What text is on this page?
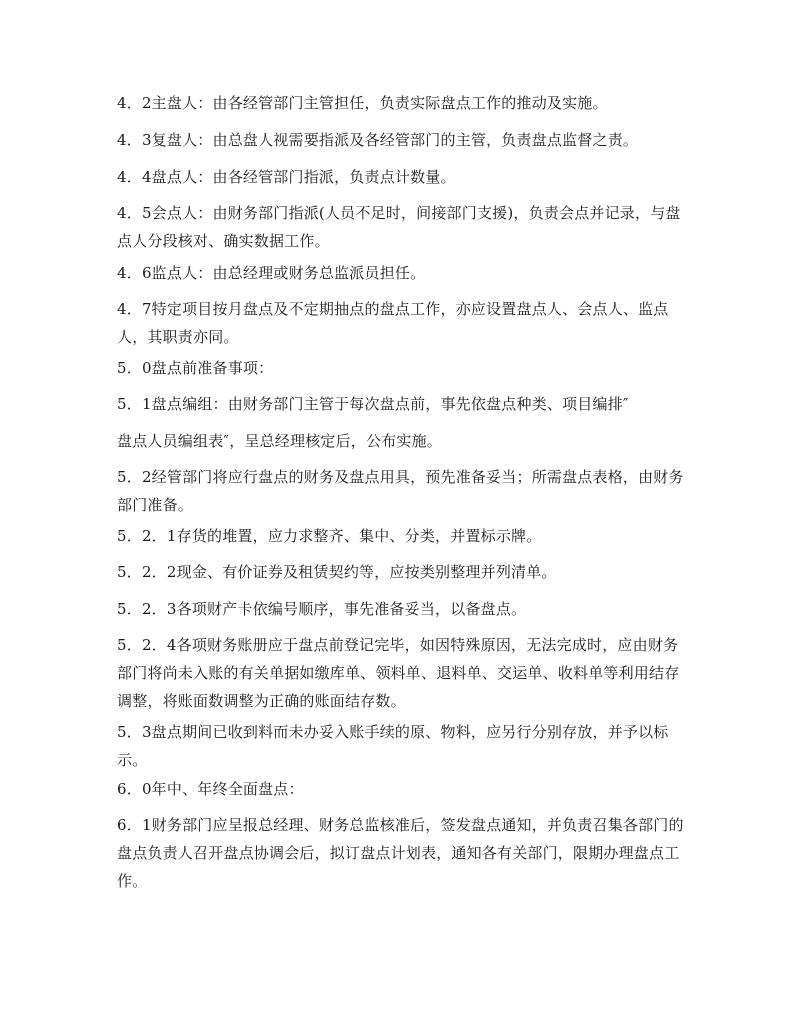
4．2主盘人：由各经管部门主管担任，负责实际盘点工作的推动及实施。

4．3复盘人：由总盘人视需要指派及各经管部门的主管，负责盘点监督之责。

4．4盘点人：由各经管部门指派，负责点计数量。

4．5会点人：由财务部门指派(人员不足时，间接部门支援)，负责会点并记录，与盘点人分段核对、确实数据工作。

4．6监点人：由总经理或财务总监派员担任。

4．7特定项目按月盘点及不定期抽点的盘点工作，亦应设置盘点人、会点人、监点人，其职责亦同。

5．0盘点前准备事项：

5．1盘点编组：由财务部门主管于每次盘点前，事先依盘点种类、项目编排″

盘点人员编组表″，呈总经理核定后，公布实施。

5．2经管部门将应行盘点的财务及盘点用具，预先准备妥当；所需盘点表格，由财务部门准备。

5．2．1存货的堆置，应力求整齐、集中、分类，并置标示牌。

5．2．2现金、有价证券及租赁契约等，应按类别整理并列清单。

5．2．3各项财产卡依编号顺序，事先准备妥当，以备盘点。

5．2．4各项财务账册应于盘点前登记完毕，如因特殊原因，无法完成时，应由财务部门将尚未入账的有关单据如缴库单、领料单、退料单、交运单、收料单等利用结存调整，将账面数调整为正确的账面结存数。

5．3盘点期间已收到料而未办妥入账手续的原、物料，应另行分别存放，并予以标示。

6．0年中、年终全面盘点：

6．1财务部门应呈报总经理、财务总监核准后，签发盘点通知，并负责召集各部门的盘点负责人召开盘点协调会后，拟订盘点计划表，通知各有关部门，限期办理盘点工作。
